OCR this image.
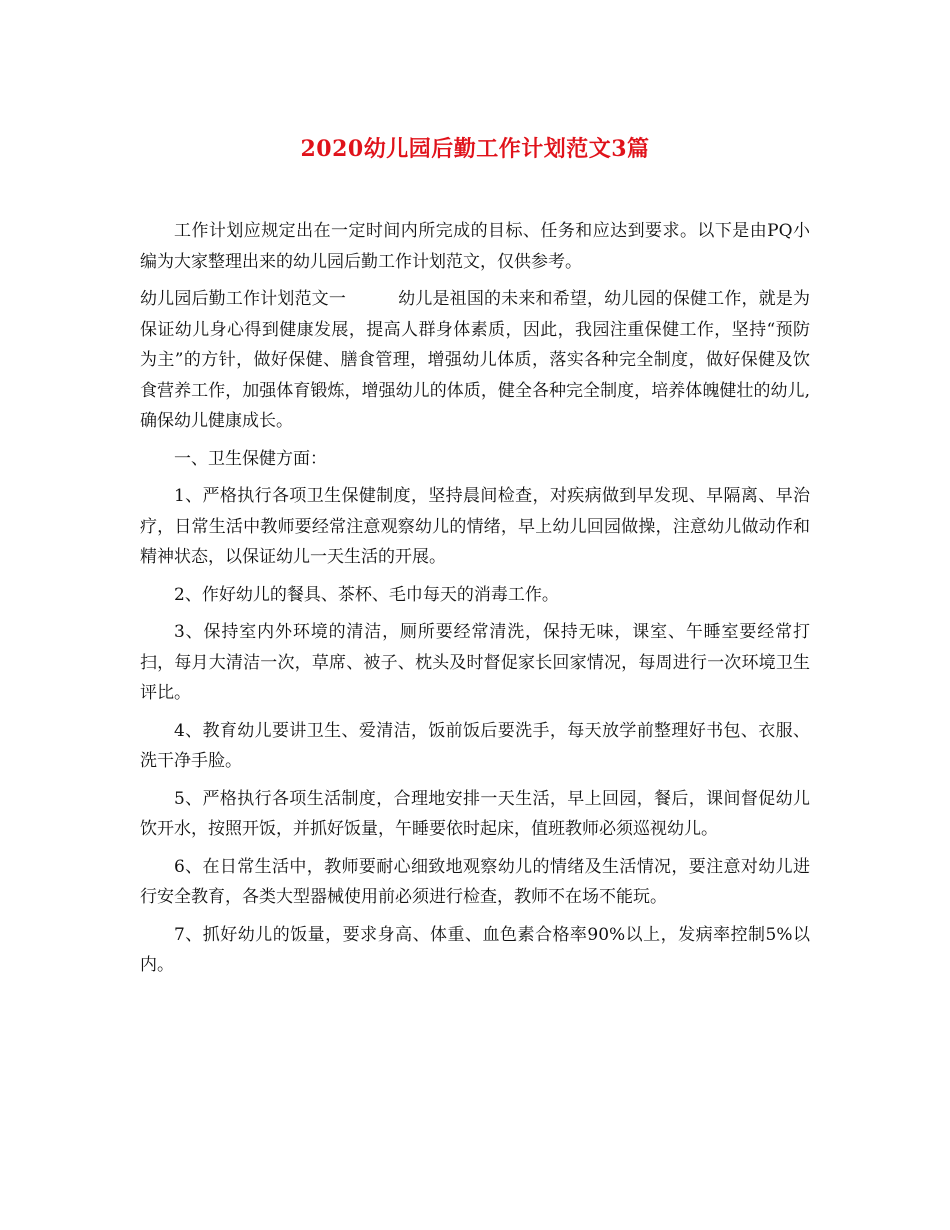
2020幼儿园后勤工作计划范文3篇

工作计划应规定出在一定时间内所完成的目标、任务和应达到要求。以下是由PQ小编为大家整理出来的幼儿园后勤工作计划范文，仅供参考。

幼儿园后勤工作计划范文一	幼儿是祖国的未来和希望，幼儿园的保健工作，就是为保证幼儿身心得到健康发展，提高人群身体素质，因此，我园注重保健工作，坚持“预防为主”的方针，做好保健、膳食管理，增强幼儿体质，落实各种完全制度，做好保健及饮食营养工作，加强体育锻炼，增强幼儿的体质，健全各种完全制度，培养体魄健壮的幼儿,确保幼儿健康成长。

一、卫生保健方面：

1、严格执行各项卫生保健制度，坚持晨间检查，对疾病做到早发现、早隔离、早治疗，日常生活中教师要经常注意观察幼儿的情绪，早上幼儿回园做操，注意幼儿做动作和精神状态，以保证幼儿一天生活的开展。

2、作好幼儿的餐具、茶杯、毛巾每天的消毒工作。

3、保持室内外环境的清洁，厕所要经常清洗，保持无味，课室、午睡室要经常打扫，每月大清洁一次，草席、被子、枕头及时督促家长回家情况，每周进行一次环境卫生评比。

4、教育幼儿要讲卫生、爱清洁，饭前饭后要洗手，每天放学前整理好书包、衣服、洗干净手脸。

5、严格执行各项生活制度，合理地安排一天生活，早上回园，餐后，课间督促幼儿饮开水，按照开饭，并抓好饭量，午睡要依时起床，值班教师必须巡视幼儿。

6、在日常生活中，教师要耐心细致地观察幼儿的情绪及生活情况，要注意对幼儿进行安全教育，各类大型器械使用前必须进行检查，教师不在场不能玩。

7、抓好幼儿的饭量，要求身高、体重、血色素合格率90%以上，发病率控制5%以内。
